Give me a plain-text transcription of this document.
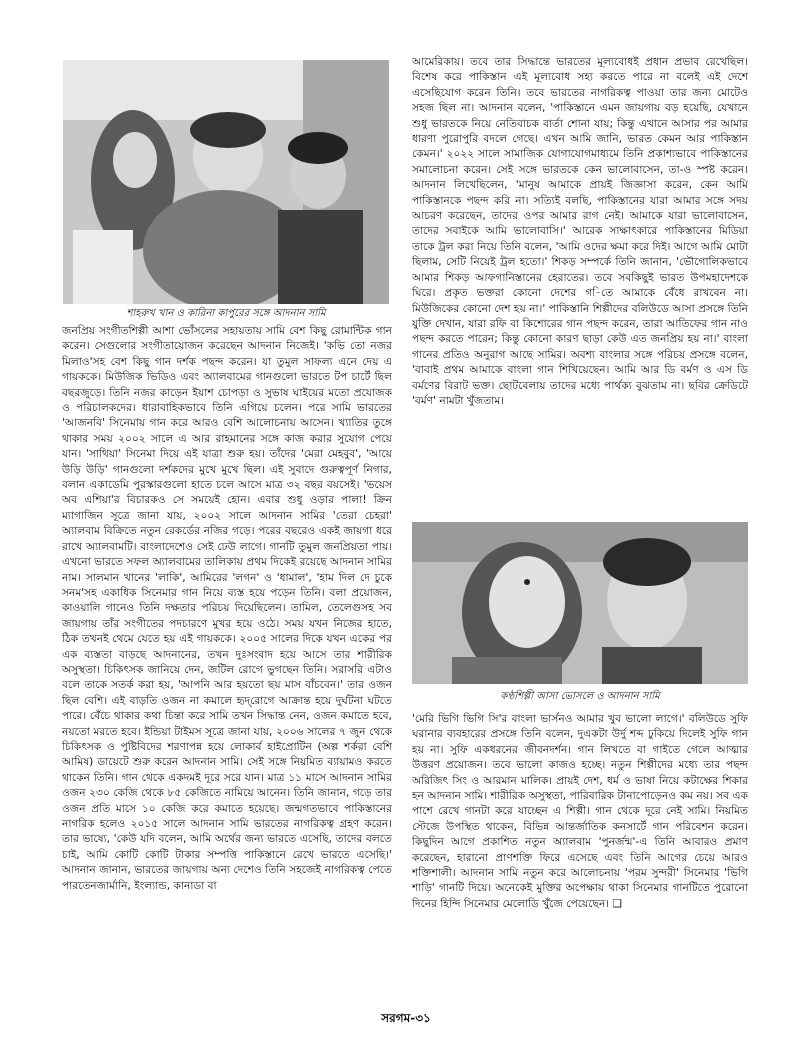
শাহরুখ খান ও কারিনা কাপুরের সঙ্গে আদনান সামি

জনপ্রিয় সংগীতশিল্পী আশা ভোঁসলের সহায়তায় সামি বেশ কিছু রোমান্টিক গান করেন। সেগুলোর সংগীতায়োজন করেছেন আদনান নিজেই। 'কভি তো নজর মিলাও'সহ বেশ কিছু গান দর্শক পছন্দ করেন। যা তুমুল সাফল্য এনে দেয় এ গায়ককে। মিউজিক ভিডিও এবং অ্যালবামের গানগুলো ভারতে টপ চার্টে ছিল বছরজুড়ে। তিনি নজর কাড়েন ইয়াশ চোপড়া ও সুভাষ ঘাইয়ের মতো প্রযোজক ও পরিচালকদের। ধারাবাহিকভাবে তিনি এগিয়ে চলেন। পরে সামি ভারতের 'আজনবি' সিনেমায় গান করে আরও বেশি আলোচনায় আসেন। খ্যাতির তুঙ্গে থাকার সময় ২০০২ সালে এ আর রাহমানের সঙ্গে কাজ করার সুযোগ পেয়ে যান। 'সাথিয়া' সিনেমা দিয়ে এই যাত্রা শুরু হয়। তাঁদের 'মেরা মেহবুব', 'আয়ে উড়ি উড়ি' গানগুলো দর্শকদের মুখে মুখে ছিল। এই সুবাদে গুরুত্বপূর্ণ নিগার, বলান একাডেমি পুরস্কারগুলো হাতে চলে আসে মাত্র ৩২ বছর বয়সেই। 'ভয়েস অব এশিয়া'র বিচারকও সে সময়েই হোন। এবার শুধু ওড়ার পালা! ক্রিন ম্যাগাজিন সূত্রে জানা যায়, ২০০২ সালে আদনান সামির 'তেরা চেহরা' অ্যালবাম বিক্রিতে নতুন রেকর্ডের নজির গড়ে। পরের বছরেও একই জায়গা ধরে রাখে অ্যালবামটি। বাংলাদেশেও সেই ঢেউ লাগে। গানটি তুমুল জনপ্রিয়তা পায়। এখনো ভারতে সফল অ্যালবামের তালিকায় প্রথম দিকেই রয়েছে আদনান সামির নাম। সালমান খানের 'লাকি', আমিরের 'লগন' ও 'ধামাল', 'হাম দিল দে চুকে সনম'সহ একাধিক সিনেমার গান নিয়ে ব্যস্ত হয়ে পড়েন তিনি। বলা প্রয়োজন, কাওয়ালি গানেও তিনি দক্ষতার পরিচয় দিয়েছিলেন। তামিল, তেলেগুসহ সব জায়গায় তাঁর সংগীতের পদচারণে মুখর হয়ে ওঠে। সময় যখন নিজের হাতে, ঠিক তখনই থেমে যেতে হয় এই গায়ককে। ২০০৫ সালের দিকে যখন একের পর এক ব্যস্ততা বাড়ছে আদনানের, তখন দুঃসংবাদ হয়ে আসে তার শারীরিক অসুস্থতা। চিকিৎসক জানিয়ে দেন, জটিল রোগে ভুগছেন তিনি। সরাসরি এটাও বলে তাকে সতর্ক করা হয়, 'আপনি আর হয়তো ছয় মাস বাঁচবেন।' তার ওজন ছিল বেশি। এই বাড়তি ওজন না কমালে হৃদ্‌রোগে আক্রান্ত হয়ে দুর্ঘটনা ঘটতে পারে। বেঁচে থাকার কথা চিন্তা করে সামি তখন সিদ্ধান্ত নেন, ওজন কমাতে হবে, নয়তো মরতে হবে। ইন্ডিয়া টাইমস সূত্রে জানা যায়, ২০০৬ সালের ৭ জুন থেকে চিকিৎসক ও পুষ্টিবিদের শরণাপন্ন হয়ে লোকার্ব হাইপ্রোটিন (অল্প শর্করা বেশি আমিষ) ডায়েটে শুরু করেন আদনান সামি। সেই সঙ্গে নিয়মিত ব্যায়ামও করতে থাকেন তিনি। গান থেকে একদমই দূরে সরে যান। মাত্র ১১ মাসে আদনান সামির ওজন ২৩০ কেজি থেকে ৮৫ কেজিতে নামিয়ে আনেন। তিনি জানান, গড়ে তার ওজন প্রতি মাসে ১০ কেজি করে কমাতে হয়েছে। জন্মগতভাবে পাকিস্তানের নাগরিক হলেও ২০১৫ সালে আদনান সামি ভারতের নাগরিকত্ব গ্রহণ করেন। তার ভাষ্যে, 'কেউ যদি বলেন, আমি অর্থের জন্য ভারতে এসেছি, তাদের বলতে চাই, আমি কোটি কোটি টাকার সম্পত্তি পাকিস্তানে রেখে ভারতে এসেছি।' আদনান জানান, ভারতের জায়গায় অন্য দেশেও তিনি সহজেই নাগরিকত্ব পেতে পারতেনজার্মানি, ইংল্যান্ড, কানাডা বা

আমেরিকায়। তবে তার সিদ্ধান্তে ভারতের মূল্যবোধই প্রধান প্রভাব রেখেছিল। বিশেষ করে পাকিস্তান এই মূল্যবোধ সহ্য করতে পারে না বলেই এই দেশে এসেছিযোগ করেন তিনি। তবে ভারতের নাগরিকত্ব পাওয়া তার জন্য মোটেও সহজ ছিল না। আদনান বলেন, 'পাকিস্তানে এমন জায়গায় বড় হয়েছি, যেখানে শুধু ভারতকে নিয়ে নেতিবাচক বার্তা শোনা যায়; কিন্তু এখানে আসার পর আমার ধারণা পুরোপুরি বদলে গেছে। এখন আমি জানি, ভারত কেমন আর পাকিস্তান কেমন।' ২০২২ সালে সামাজিক যোগাযোগমাধ্যমে তিনি প্রকাশ্যভাবে পাকিস্তানের সমালোচনা করেন। সেই সঙ্গে ভারতকে কেন ভালোবাসেন, তা-ও স্পষ্ট করেন। আদনান লিখেছিলেন, 'মানুষ আমাকে প্রায়ই জিজ্ঞাসা করেন, কেন আমি পাকিস্তানকে পছন্দ করি না। সত্যিই বলছি, পাকিস্তানের যারা আমার সঙ্গে সদয় আচরণ করেছেন, তাদের ওপর আমার রাগ নেই। আমাকে যারা ভালোবাসেন, তাদের সবাইকে আমি ভালোবাসি।' আরেক সাক্ষাৎকারে পাকিস্তানের মিডিয়া তাকে ট্রল করা নিয়ে তিনি বলেন, 'আমি ওদের ক্ষমা করে দিই। আগে আমি মোটা ছিলাম, সেটি নিয়েই ট্রল হতো।' শিকড় সম্পর্কে তিনি জানান, 'ভৌগোলিকভাবে আমার শিকড় আফগানিস্তানের হেরাতের। তবে সবকিছুই ভারত উপমহাদেশকে ঘিরে। প্রকৃত ভক্তরা কোনো দেশের গ-িতে আমাকে বেঁধে রাখবেন না। মিউজিকের কোনো দেশ হয় না।' পাকিস্তানি শিল্পীদের বলিউডে আসা প্রসঙ্গে তিনি যুক্তি দেখান, যারা রফি বা কিশোরের গান পছন্দ করেন, তারা আতিফের গান নাও পছন্দ করতে পারেন; কিন্তু কোনো কারণ ছাড়া কেউ এত জনপ্রিয় হয় না।' বাংলা গানের প্রতিও অনুরাগ আছে সামির। অবশ্য বাংলার সঙ্গে পরিচয় প্রসঙ্গে বলেন, 'বাবাই প্রথম আমাকে বাংলা গান শিখিয়েছেন। আমি আর ডি বর্মণ ও এস ডি বর্মণের বিরাট ভক্ত। ছোটবেলায় তাদের মধ্যে পার্থক্য বুঝতাম না। ছবির ক্রেডিটে 'বর্মণ' নামটা খুঁজতাম।

কণ্ঠশিল্পী আসা ভোসলে ও আদনান সামি

'মেরি ভিগি ভিগি সি'র বাংলা ভার্সনও আমার খুব ভালো লাগে।' বলিউডে সুফি ঘরানার ব্যবহারের প্রসঙ্গে তিনি বলেন, দুএকটা উর্দু শব্দ ঢুকিয়ে দিলেই সুফি গান হয় না। সুফি একধরনের জীবনদর্শন। গান লিখতে বা গাইতে গেলে আত্মার উত্তরণ প্রয়োজন। তবে ভালো কাজও হচ্ছে। নতুন শিল্পীদের মধ্যে তার পছন্দ অরিজিৎ সিং ও আরমান মালিক। প্রায়ই দেশ, ধর্ম ও ভাষা নিয়ে কটাক্ষের শিকার হন আদনান সামি। শারীরিক অসুস্থতা, পারিবারিক টানাপোড়েনও কম নয়। সব এক পাশে রেখে গানটা করে যাচ্ছেন এ শিল্পী। গান থেকে দূরে নেই সামি। নিয়মিত স্টেজে উপস্থিত থাকেন, বিভিন্ন আন্তর্জাতিক কনসার্টে গান পরিবেশন করেন। কিছুদিন আগে প্রকাশিত নতুন অ্যালবাম 'পুনর্জন্ম'-এ তিনি আবারও প্রমাণ করেছেন, হারানো প্রাণশক্তি ফিরে এসেছে এবং তিনি আগের চেয়ে আরও শক্তিশালী। আদনান সামি নতুন করে আলোচনায় 'পরম সুন্দরী' সিনেমার 'ভিগি শাড়ি' গানটি দিয়ে। অনেকেই মুক্তির অপেক্ষায় থাকা সিনেমার গানটিতে পুরোনো দিনের হিন্দি সিনেমার মেলোডি খুঁজে পেয়েছেন। ❑

সরগম-৩১
